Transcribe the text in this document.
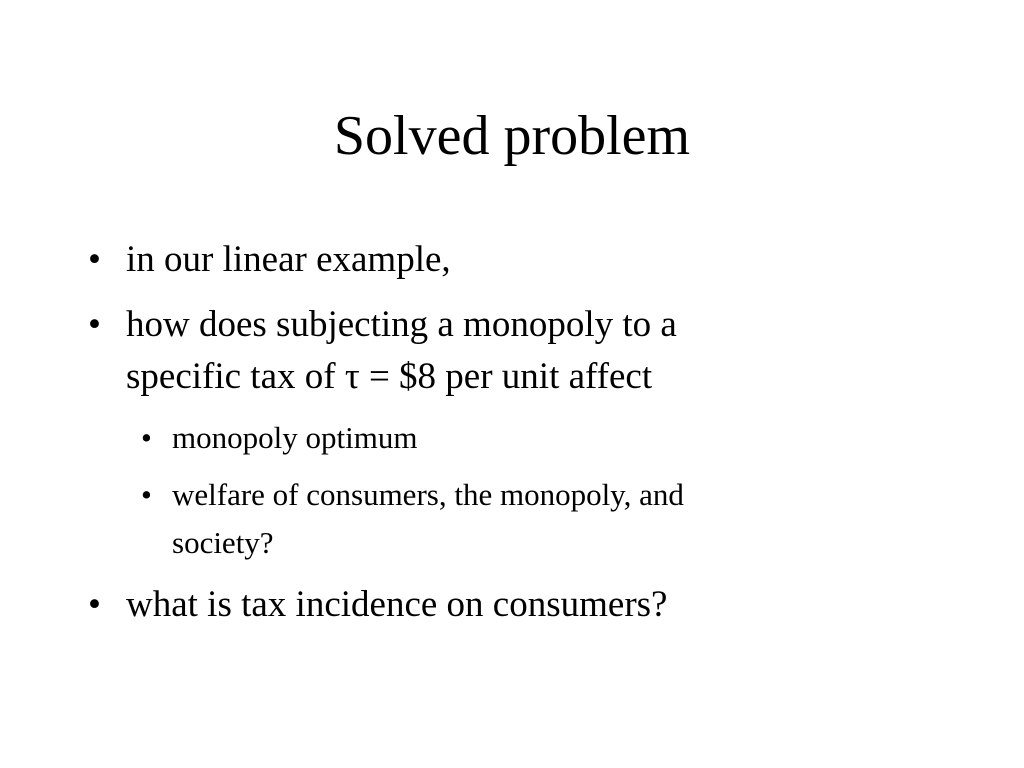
Solved problem
• in our linear example,
• how does subjecting a monopoly to a
specific tax of τ = $8 per unit affect
• monopoly optimum
• welfare of consumers, the monopoly, and
society?
• what is tax incidence on consumers?
